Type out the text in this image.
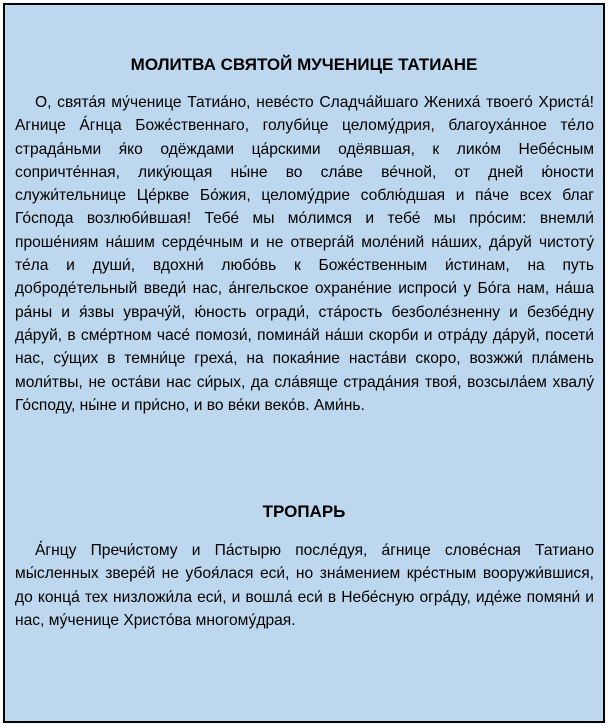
МОЛИТВА СВЯТОЙ МУЧЕНИЦЕ ТАТИАНЕ

О, свята́я му́ченице Татиа́но, неве́сто Сладча́йшаго Жениха́ твоего́ Христа́! Агнице А́гнца Боже́ственнаго, голуби́це целому́дрия, благоуха́нное те́ло страда́ньми я́ко одёждами ца́рскими одёявшая, к лико́м Небе́сным сопричте́нная, лику́ющая ны́не во сла́ве ве́чной, от дней ю́ности служи́тельнице Це́ркве Бо́жия, целому́дрие соблю́дшая и па́че всех благ Го́спода возлюби́вшая! Тебе́ мы мо́лимся и тебе́ мы про́сим: внемли́ проше́ниям на́шим серде́чным и не отверга́й моле́ний на́ших, да́руй чистоту́ те́ла и души́, вдохни́ любо́вь к Боже́ственным и́стинам, на путь доброде́тельный введи́ нас, а́нгельское охране́ние испроси́ у Бо́га нам, на́ша ра́ны и я́звы уврачу́й, ю́ность огради́, ста́рость безболе́зненну и безбе́дну да́руй, в сме́ртном часе́ помози́, помина́й на́ши скорби и отра́ду да́руй, посети́ нас, су́щих в темни́це греха́, на покая́ние наста́ви скоро, возжжи́ пла́мень моли́твы, не оста́ви нас си́рых, да сла́вяще страда́ния твоя́, возсыла́ем хвалу́ Го́споду, ны́не и при́сно, и во ве́ки веко́в. Ами́нь.

ТРОПАРЬ

А́гнцу Пречи́стому и Па́стырю после́дуя, а́гнице слове́сная Татиано мы́сленных звере́й не убоя́лася еси́, но зна́мением кре́стным вооружи́вшися, до конца́ тех низложи́ла еси́, и вошла́ еси́ в Небе́сную огра́ду, иде́же помяни́ и нас, му́ченице Христо́ва многому́драя.
